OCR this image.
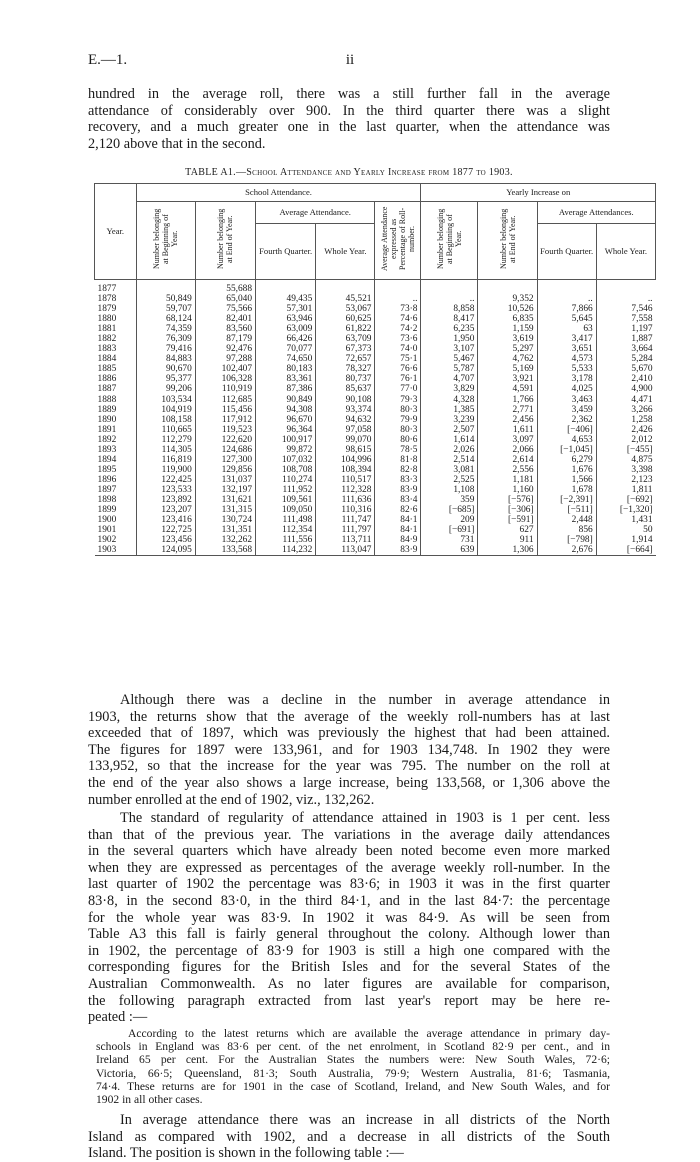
E.—1.	ii
hundred in the average roll, there was a still further fall in the average
attendance of considerably over 900. In the third quarter there was a slight
recovery, and a much greater one in the last quarter, when the attendance was
2,120 above that in the second.
TABLE A1.—School Attendance and Yearly Increase from 1877 to 1903.
Year.	School Attendance.					Yearly Increase on			
	Number belonging at Beginning of Year.	Number belonging at End of Year.	Average Attendance.		Average Attendance expressed as Percentage of Roll-number.	Number belonging at Beginning of Year.	Number belonging at End of Year.	Average Attendances.	
			Fourth Quarter.	Whole Year.				Fourth Quarter.	Whole Year.
1877		55,688							
1878	50,849	65,040	49,435	45,521	..	..	9,352	..	..
1879	59,707	75,566	57,301	53,067	73·8	8,858	10,526	7,866	7,546
1880	68,124	82,401	63,946	60,625	74·6	8,417	6,835	5,645	7,558
1881	74,359	83,560	63,009	61,822	74·2	6,235	1,159	63	1,197
1882	76,309	87,179	66,426	63,709	73·6	1,950	3,619	3,417	1,887
1883	79,416	92,476	70,077	67,373	74·0	3,107	5,297	3,651	3,664
1884	84,883	97,288	74,650	72,657	75·1	5,467	4,762	4,573	5,284
1885	90,670	102,407	80,183	78,327	76·6	5,787	5,169	5,533	5,670
1886	95,377	106,328	83,361	80,737	76·1	4,707	3,921	3,178	2,410
1887	99,206	110,919	87,386	85,637	77·0	3,829	4,591	4,025	4,900
1888	103,534	112,685	90,849	90,108	79·3	4,328	1,766	3,463	4,471
1889	104,919	115,456	94,308	93,374	80·3	1,385	2,771	3,459	3,266
1890	108,158	117,912	96,670	94,632	79·9	3,239	2,456	2,362	1,258
1891	110,665	119,523	96,364	97,058	80·3	2,507	1,611	[−406]	2,426
1892	112,279	122,620	100,917	99,070	80·6	1,614	3,097	4,653	2,012
1893	114,305	124,686	99,872	98,615	78·5	2,026	2,066	[−1,045]	[−455]
1894	116,819	127,300	107,032	104,996	81·8	2,514	2,614	6,279	4,875
1895	119,900	129,856	108,708	108,394	82·8	3,081	2,556	1,676	3,398
1896	122,425	131,037	110,274	110,517	83·3	2,525	1,181	1,566	2,123
1897	123,533	132,197	111,952	112,328	83·9	1,108	1,160	1,678	1,811
1898	123,892	131,621	109,561	111,636	83·4	359	[−576]	[−2,391]	[−692]
1899	123,207	131,315	109,050	110,316	82·6	[−685]	[−306]	[−511]	[−1,320]
1900	123,416	130,724	111,498	111,747	84·1	209	[−591]	2,448	1,431
1901	122,725	131,351	112,354	111,797	84·1	[−691]	627	856	50
1902	123,456	132,262	111,556	113,711	84·9	731	911	[−798]	1,914
1903	124,095	133,568	114,232	113,047	83·9	639	1,306	2,676	[−664]
Although there was a decline in the number in average attendance in
1903, the returns show that the average of the weekly roll-numbers has at last
exceeded that of 1897, which was previously the highest that had been attained.
The figures for 1897 were 133,961, and for 1903 134,748. In 1902 they were
133,952, so that the increase for the year was 795. The number on the roll at
the end of the year also shows a large increase, being 133,568, or 1,306 above the
number enrolled at the end of 1902, viz., 132,262.
The standard of regularity of attendance attained in 1903 is 1 per cent. less
than that of the previous year. The variations in the average daily attendances
in the several quarters which have already been noted become even more marked
when they are expressed as percentages of the average weekly roll-number. In the
last quarter of 1902 the percentage was 83·6; in 1903 it was in the first quarter
83·8, in the second 83·0, in the third 84·1, and in the last 84·7: the percentage
for the whole year was 83·9. In 1902 it was 84·9. As will be seen from
Table A3 this fall is fairly general throughout the colony. Although lower than
in 1902, the percentage of 83·9 for 1903 is still a high one compared with the
corresponding figures for the British Isles and for the several States of the
Australian Commonwealth. As no later figures are available for comparison,
the following paragraph extracted from last year's report may be here re-
peated :—
According to the latest returns which are available the average attendance in primary day-
schools in England was 83·6 per cent. of the net enrolment, in Scotland 82·9 per cent., and in
Ireland 65 per cent. For the Australian States the numbers were: New South Wales, 72·6;
Victoria, 66·5; Queensland, 81·3; South Australia, 79·9; Western Australia, 81·6; Tasmania,
74·4. These returns are for 1901 in the case of Scotland, Ireland, and New South Wales, and for
1902 in all other cases.
In average attendance there was an increase in all districts of the North
Island as compared with 1902, and a decrease in all districts of the South
Island. The position is shown in the following table :—
